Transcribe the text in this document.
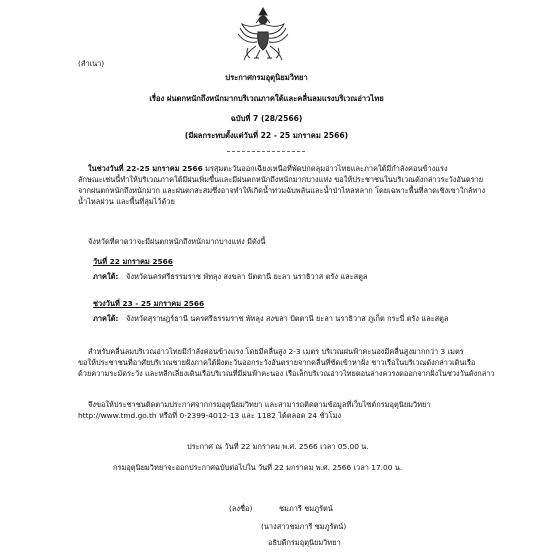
(สำเนา)
ประกาศกรมอุตุนิยมวิทยา
เรื่อง ฝนตกหนักถึงหนักมากบริเวณภาคใต้และคลื่นลมแรงบริเวณอ่าวไทย
ฉบับที่ 7 (28/2566)
(มีผลกระทบตั้งแต่วันที่ 22 - 25 มกราคม 2566)
ในช่วงวันที่ 22-25 มกราคม 2566 มรสุมตะวันออกเฉียงเหนือที่พัดปกคลุมอ่าวไทยและภาคใต้มีกำลังค่อนข้างแรง
ลักษณะเช่นนี้ทำให้บริเวณภาคใต้มีฝนเพิ่มขึ้นและมีฝนตกหนักถึงหนักมากบางแห่ง ขอให้ประชาชนในบริเวณดังกล่าวระวังอันตราย
จากฝนตกหนักถึงหนักมาก และฝนตกสะสมซึ่งอาจทำให้เกิดน้ำท่วมฉับพลันและน้ำป่าไหลหลาก โดยเฉพาะพื้นที่ลาดเชิงเขาใกล้ทาง
น้ำไหลผ่าน และพื้นที่ลุ่มไว้ด้วย
จังหวัดที่คาดว่าจะมีฝนตกหนักถึงหนักมากบางแห่ง มีดังนี้
วันที่ 22 มกราคม 2566
ภาคใต้:	จังหวัดนครศรีธรรมราช พัทลุง สงขลา ปัตตานี ยะลา นราธิวาส ตรัง และสตูล
ช่วงวันที่ 23 - 25 มกราคม 2566
ภาคใต้:	จังหวัดสุราษฎร์ธานี นครศรีธรรมราช พัทลุง สงขลา ปัตตานี ยะลา นราธิวาส ภูเก็ต กระบี่ ตรัง และสตูล
สำหรับคลื่นลมบริเวณอ่าวไทยมีกำลังค่อนข้างแรง โดยมีคลื่นสูง 2-3 เมตร บริเวณฝนฟ้าคะนองมีคลื่นสูงมากกว่า 3 เมตร
ขอให้ประชาชนที่อาศัยบริเวณชายฝั่งภาคใต้ฝั่งตะวันออกระวังอันตรายจากคลื่นที่ซัดเข้าหาฝั่ง ชาวเรือในบริเวณดังกล่าวเดินเรือ
ด้วยความระมัดระวัง และหลีกเลี่ยงเดินเรือบริเวณที่มีฝนฟ้าคะนอง เรือเล็กบริเวณอ่าวไทยตอนล่างควรงดออกจากฝั่งในช่วงวันดังกล่าว
จึงขอให้ประชาชนติดตามประกาศจากกรมอุตุนิยมวิทยา และสามารถติดตามข้อมูลที่เว็บไซต์กรมอุตุนิยมวิทยา
http://www.tmd.go.th หรือที่ 0-2399-4012-13 และ 1182 ได้ตลอด 24 ชั่วโมง
ประกาศ ณ วันที่ 22 มกราคม พ.ศ. 2566 เวลา 05.00 น.
กรมอุตุนิยมวิทยาจะออกประกาศฉบับต่อไปใน วันที่ 22 มกราคม พ.ศ. 2566 เวลา 17.00 น.
(ลงชื่อ)	ชมภารี ชมภูรัตน์
(นางสาวชมภารี ชมภูรัตน์)
อธิบดีกรมอุตุนิยมวิทยา
